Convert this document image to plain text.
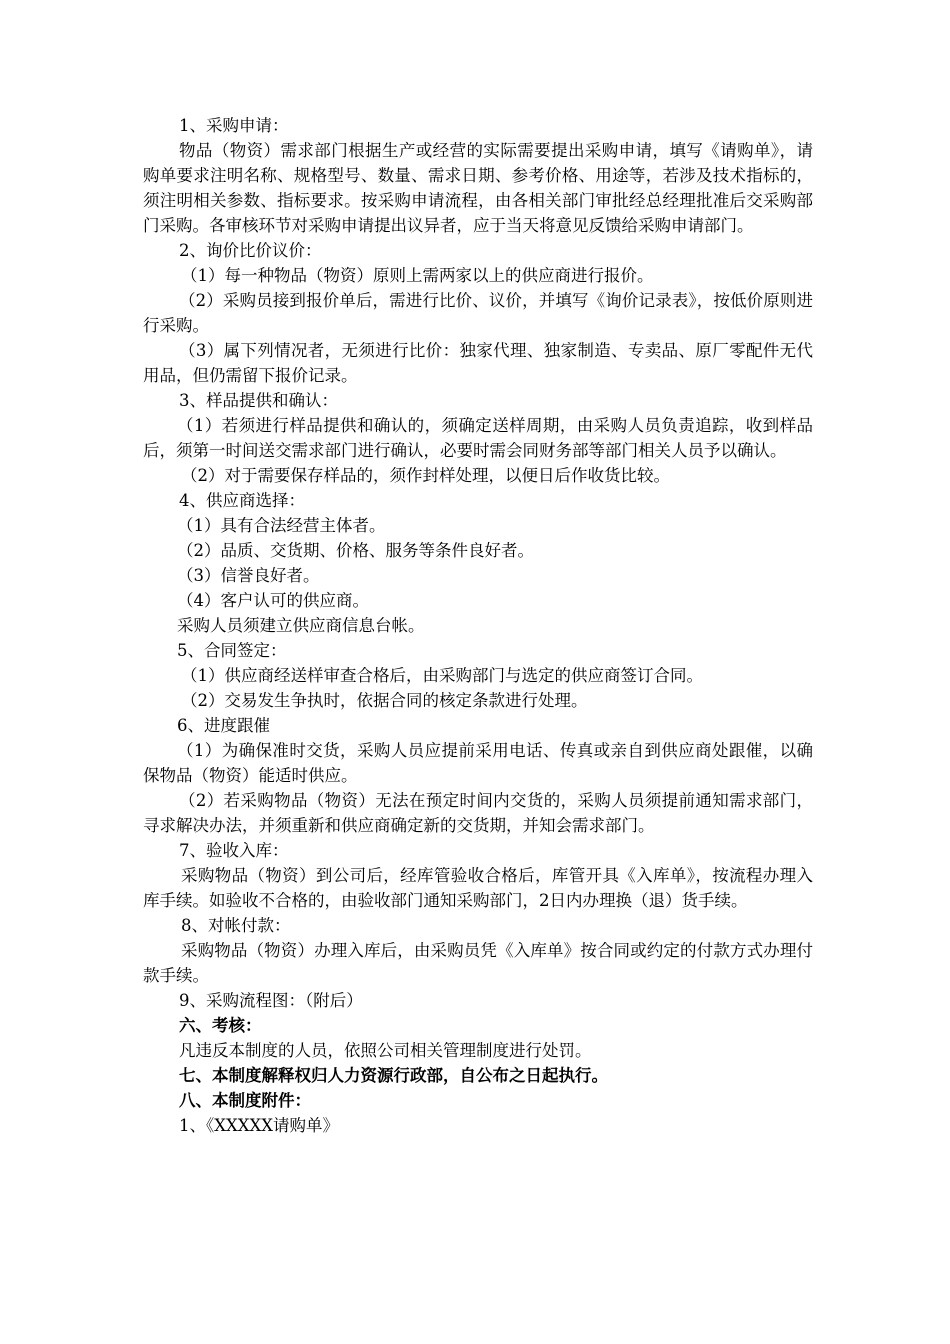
1、采购申请：

物品（物资）需求部门根据生产或经营的实际需要提出采购申请，填写《请购单》，请购单要求注明名称、规格型号、数量、需求日期、参考价格、用途等，若涉及技术指标的，须注明相关参数、指标要求。按采购申请流程，由各相关部门审批经总经理批准后交采购部门采购。各审核环节对采购申请提出议异者，应于当天将意见反馈给采购申请部门。

2、询价比价议价：

（1）每一种物品（物资）原则上需两家以上的供应商进行报价。

（2）采购员接到报价单后，需进行比价、议价，并填写《询价记录表》，按低价原则进行采购。

（3）属下列情况者，无须进行比价：独家代理、独家制造、专卖品、原厂零配件无代用品，但仍需留下报价记录。

3、样品提供和确认：

（1）若须进行样品提供和确认的，须确定送样周期，由采购人员负责追踪，收到样品后，须第一时间送交需求部门进行确认，必要时需会同财务部等部门相关人员予以确认。

（2）对于需要保存样品的，须作封样处理，以便日后作收货比较。

4、供应商选择：

（1）具有合法经营主体者。

（2）品质、交货期、价格、服务等条件良好者。

（3）信誉良好者。

（4）客户认可的供应商。

采购人员须建立供应商信息台帐。

5、合同签定：

（1）供应商经送样审查合格后，由采购部门与选定的供应商签订合同。

（2）交易发生争执时，依据合同的核定条款进行处理。

6、进度跟催

（1）为确保准时交货，采购人员应提前采用电话、传真或亲自到供应商处跟催，以确保物品（物资）能适时供应。

（2）若采购物品（物资）无法在预定时间内交货的，采购人员须提前通知需求部门，寻求解决办法，并须重新和供应商确定新的交货期，并知会需求部门。

7、验收入库：

采购物品（物资）到公司后，经库管验收合格后，库管开具《入库单》，按流程办理入库手续。如验收不合格的，由验收部门通知采购部门，2日内办理换（退）货手续。

8、对帐付款：

采购物品（物资）办理入库后，由采购员凭《入库单》按合同或约定的付款方式办理付款手续。

9、采购流程图：（附后）

六、考核：

凡违反本制度的人员，依照公司相关管理制度进行处罚。

七、本制度解释权归人力资源行政部，自公布之日起执行。

八、本制度附件：

1、《XXXXX请购单》
